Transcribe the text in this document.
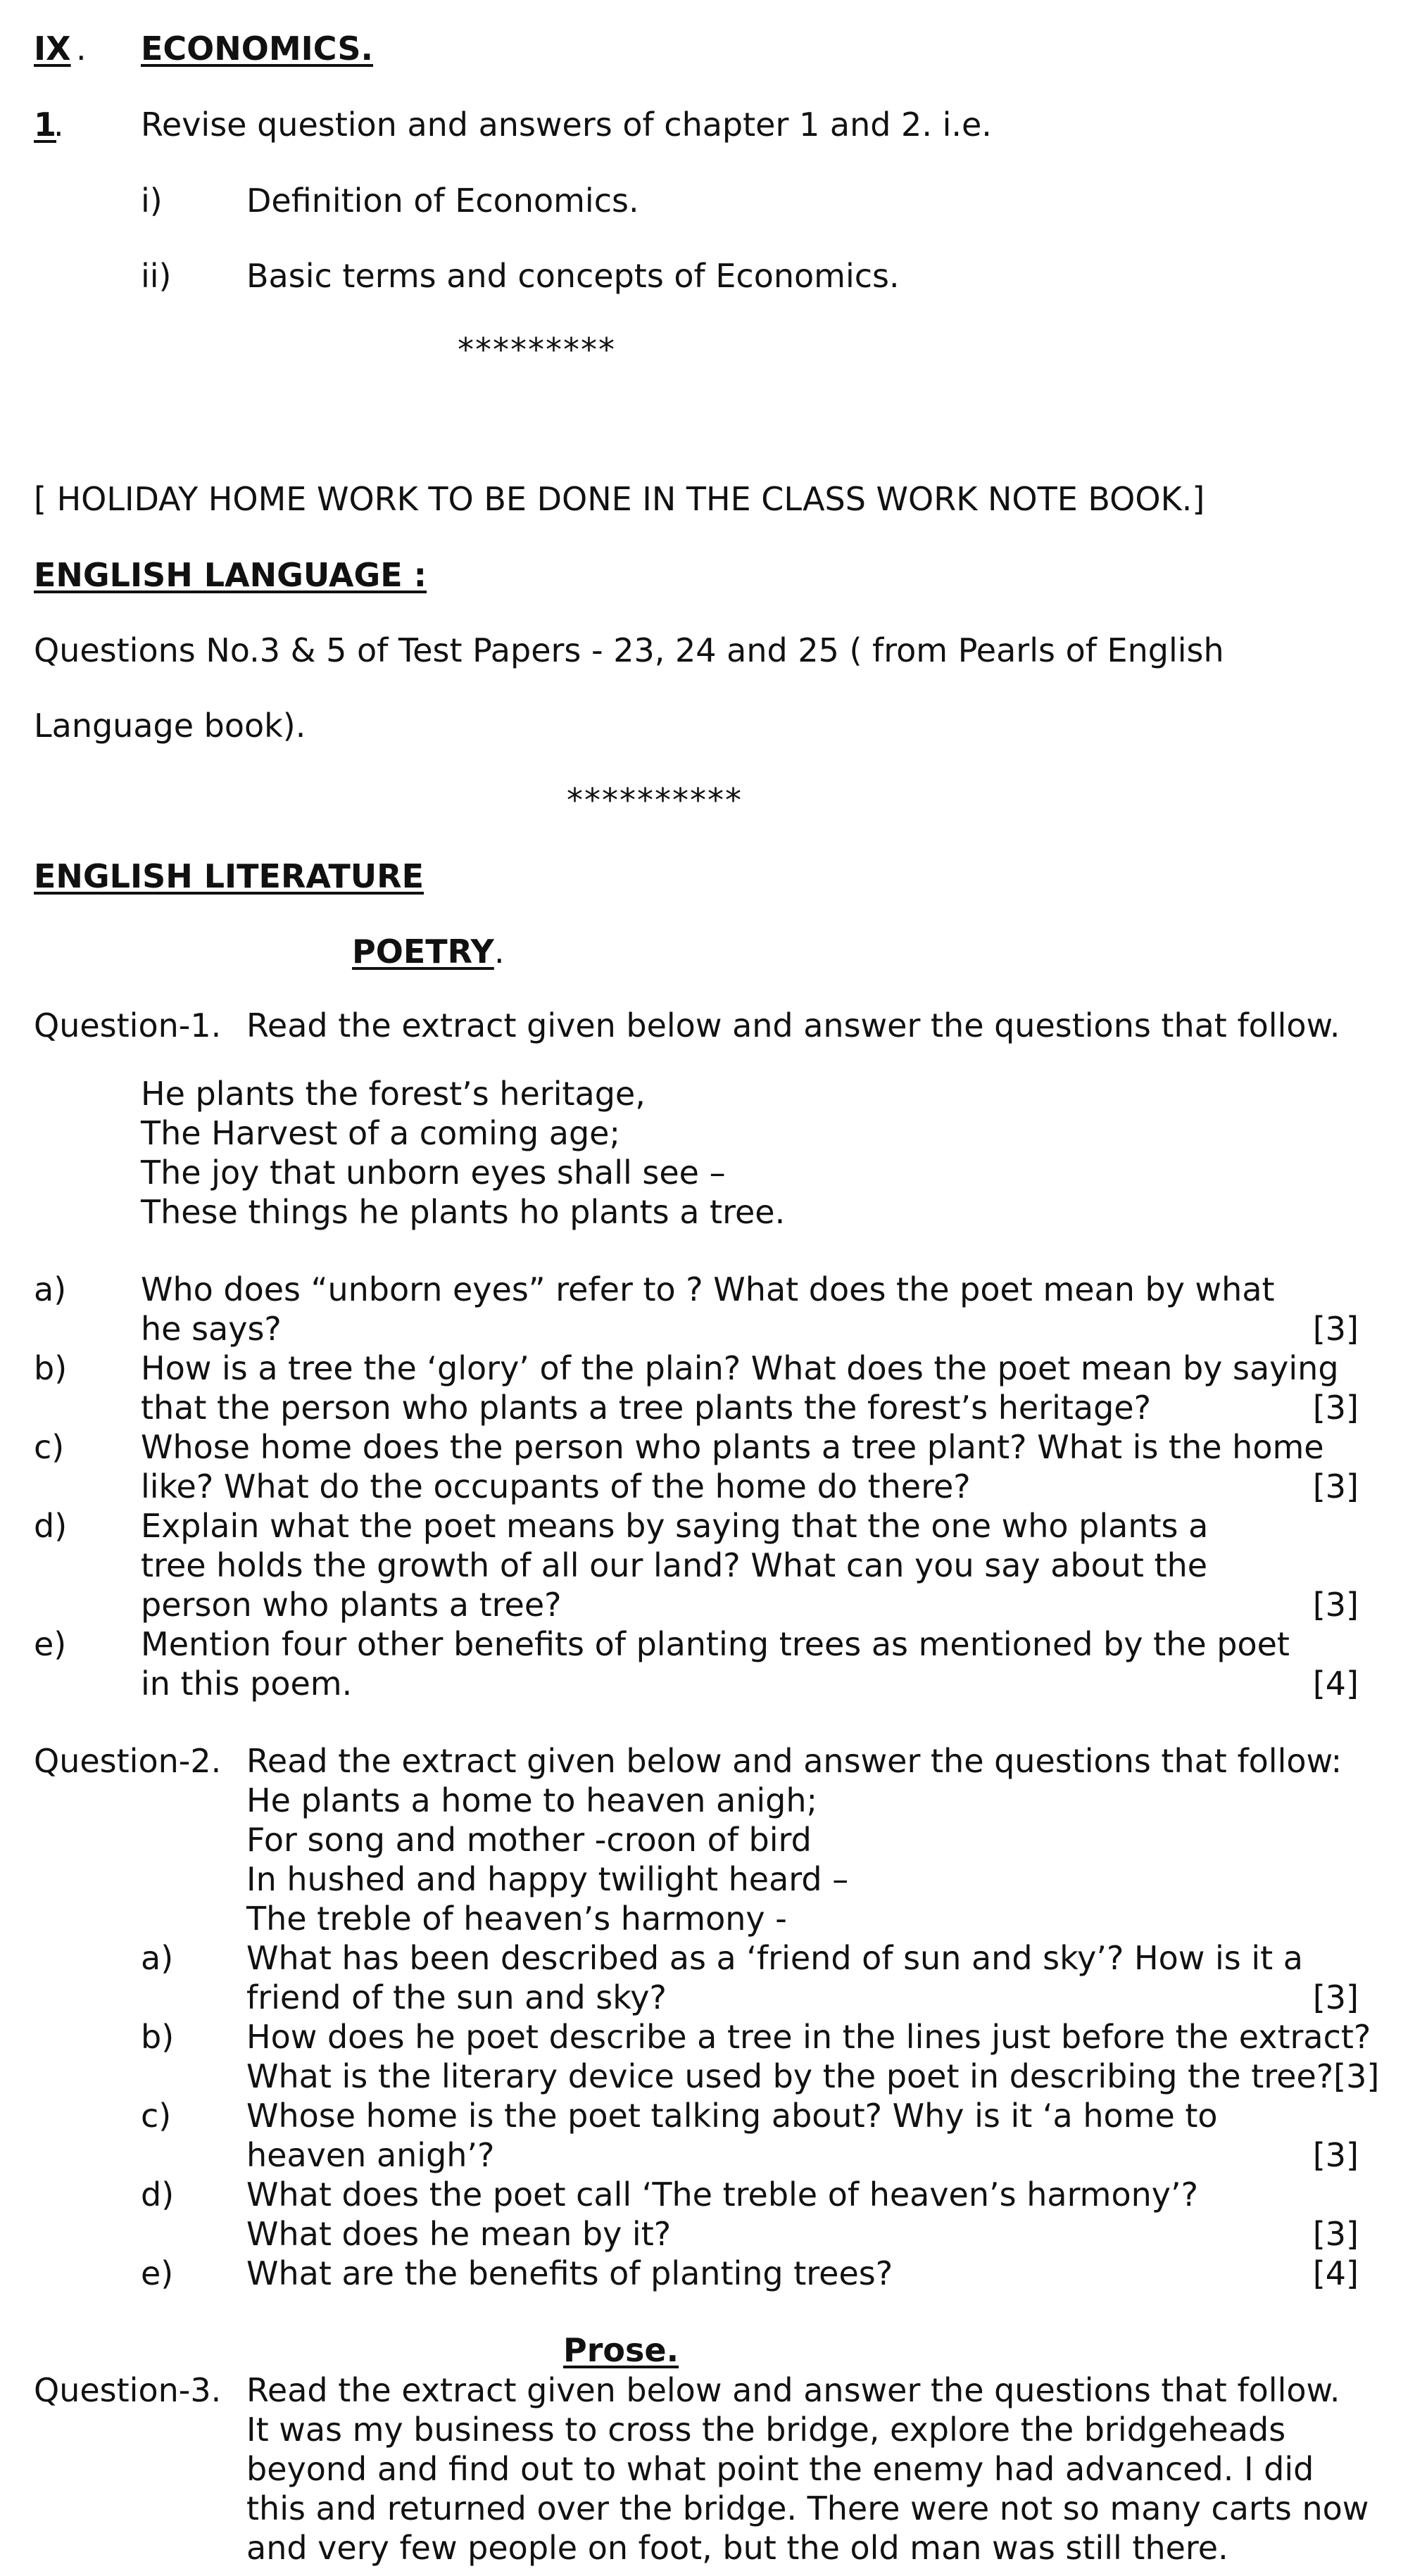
IX . ECONOMICS.
1
. Revise question and answers of chapter 1 and 2. i.e.
i)	Definition of Economics.
ii) Basic terms and concepts of Economics.
*********
[ HOLIDAY HOME WORK TO BE DONE IN THE CLASS WORK NOTE BOOK.]
ENGLISH LANGUAGE :
Questions No.3 & 5 of Test Papers - 23, 24 and 25 ( from Pearls of English
Language book).
**********
ENGLISH LITERATURE
POETRY .
Question-1. Read the extract given below and answer the questions that follow.
He plants the forest’s heritage,
The Harvest of a coming age;
The joy that unborn eyes shall see –
These things he plants ho plants a tree.
a) Who does “unborn eyes” refer to ? What does the poet mean by what
he says?	[3]
b) How is a tree the ‘glory’ of the plain? What does the poet mean by saying
that the person who plants a tree plants the forest’s heritage?	[3]
c) Whose home does the person who plants a tree plant? What is the home
like? What do the occupants of the home do there?	[3]
d) Explain what the poet means by saying that the one who plants a
tree holds the growth of all our land? What can you say about the
person who plants a tree?	[3]
e) Mention four other benefits of planting trees as mentioned by the poet
in this poem.	[4]
Question-2. Read the extract given below and answer the questions that follow:
He plants a home to heaven anigh;
For song and mother -croon of bird
In hushed and happy twilight heard –
The treble of heaven’s harmony -
a) What has been described as a ‘friend of sun and sky’? How is it a
friend of the sun and sky?	[3]
b) How does he poet describe a tree in the lines just before the extract?
What is the literary device used by the poet in describing the tree?[3]
c) Whose home is the poet talking about? Why is it ‘a home to
heaven anigh’?	[3]
d) What does the poet call ‘The treble of heaven’s harmony’?
What does he mean by it?	[3]
e) What are the benefits of planting trees?	[4]
Prose.
Question-3. Read the extract given below and answer the questions that follow.
It was my business to cross the bridge, explore the bridgeheads
beyond and find out to what point the enemy had advanced. I did
this and returned over the bridge. There were not so many carts now
and very few people on foot, but the old man was still there.
